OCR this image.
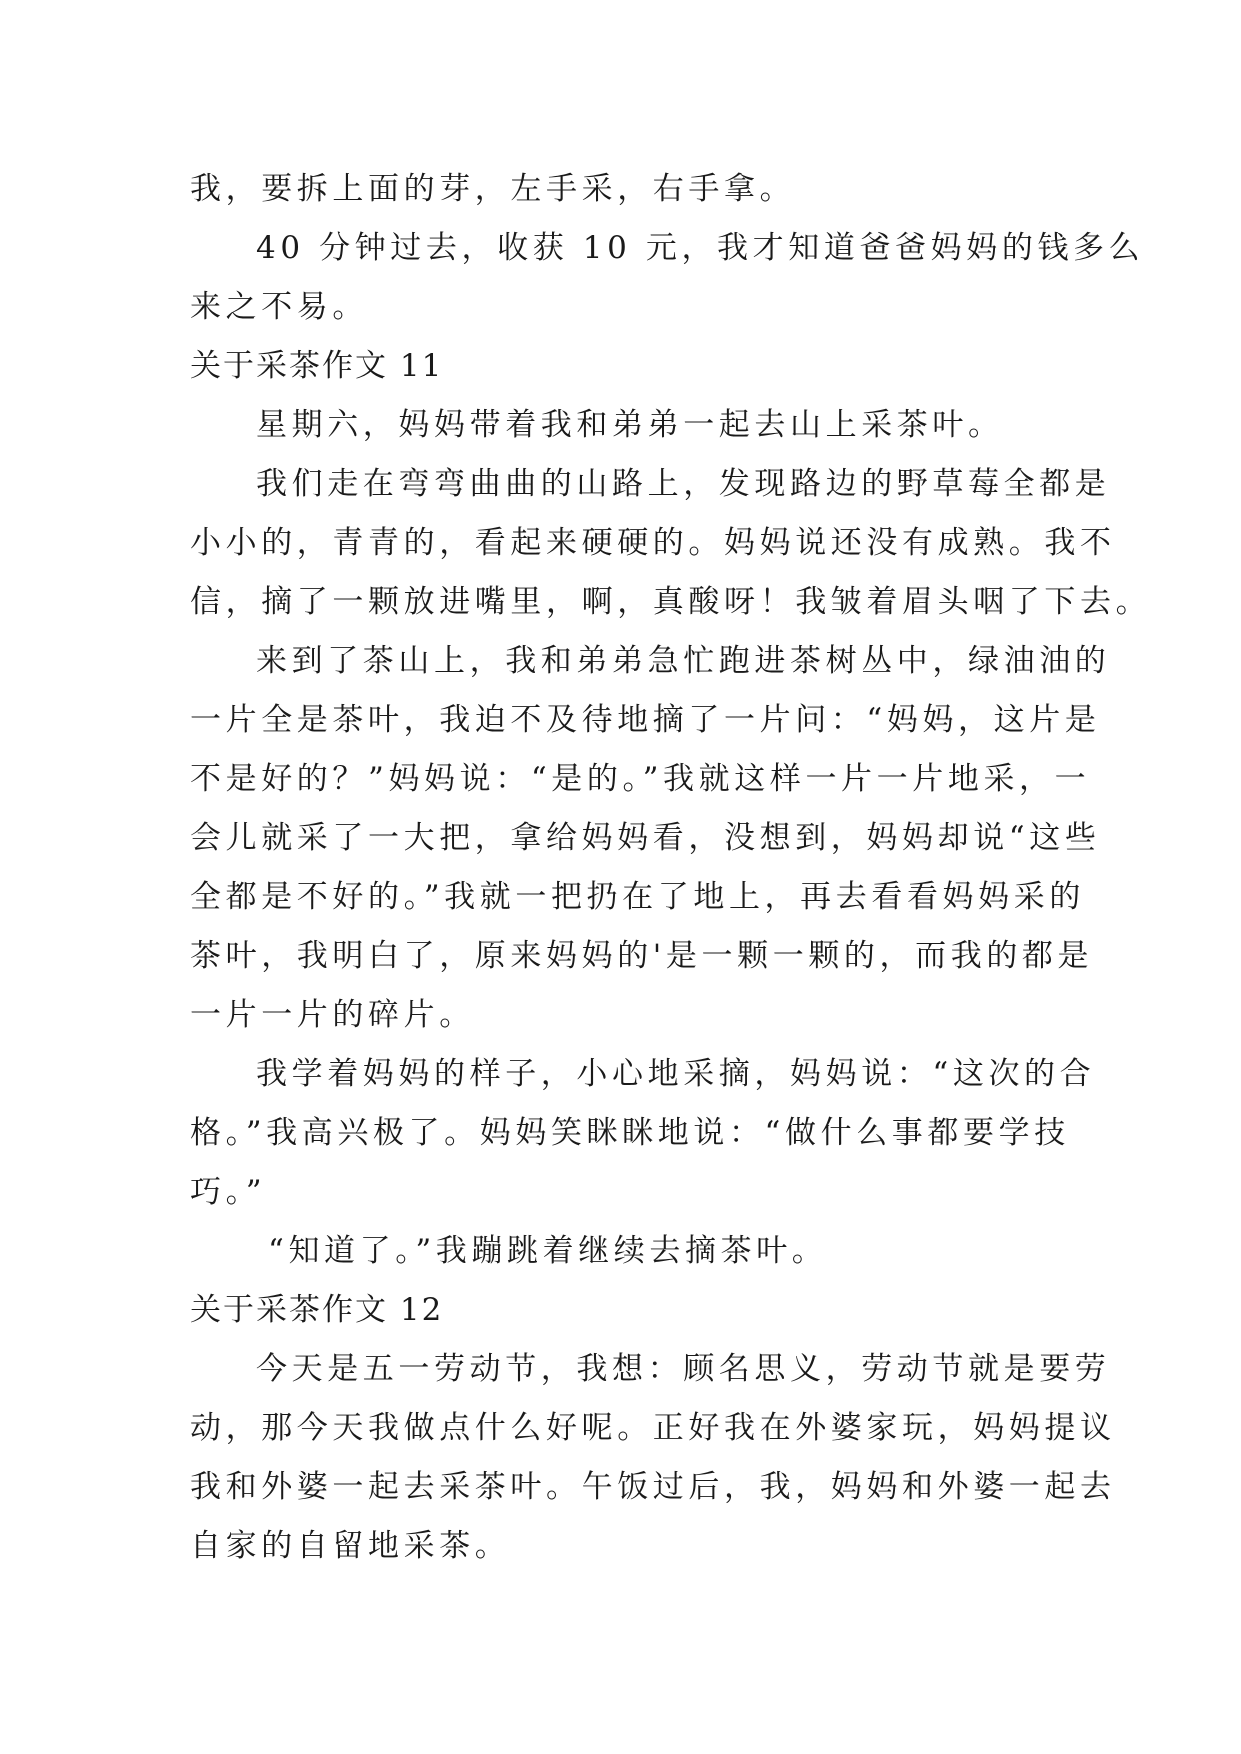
我，要拆上面的芽，左手采，右手拿。
40 分钟过去，收获 10 元，我才知道爸爸妈妈的钱多么
来之不易。
关于采茶作文 11
星期六，妈妈带着我和弟弟一起去山上采茶叶。
我们走在弯弯曲曲的山路上，发现路边的野草莓全都是
小小的，青青的，看起来硬硬的。妈妈说还没有成熟。我不
信，摘了一颗放进嘴里，啊，真酸呀！我皱着眉头咽了下去。
来到了茶山上，我和弟弟急忙跑进茶树丛中，绿油油的
一片全是茶叶，我迫不及待地摘了一片问：“妈妈，这片是
不是好的？”妈妈说：“是的。”我就这样一片一片地采，一
会儿就采了一大把，拿给妈妈看，没想到，妈妈却说“这些
全都是不好的。”我就一把扔在了地上，再去看看妈妈采的
茶叶，我明白了，原来妈妈的'是一颗一颗的，而我的都是
一片一片的碎片。
我学着妈妈的样子，小心地采摘，妈妈说：“这次的合
格。”我高兴极了。妈妈笑眯眯地说：“做什么事都要学技
巧。”
“知道了。”我蹦跳着继续去摘茶叶。
关于采茶作文 12
今天是五一劳动节，我想：顾名思义，劳动节就是要劳
动，那今天我做点什么好呢。正好我在外婆家玩，妈妈提议
我和外婆一起去采茶叶。午饭过后，我，妈妈和外婆一起去
自家的自留地采茶。
